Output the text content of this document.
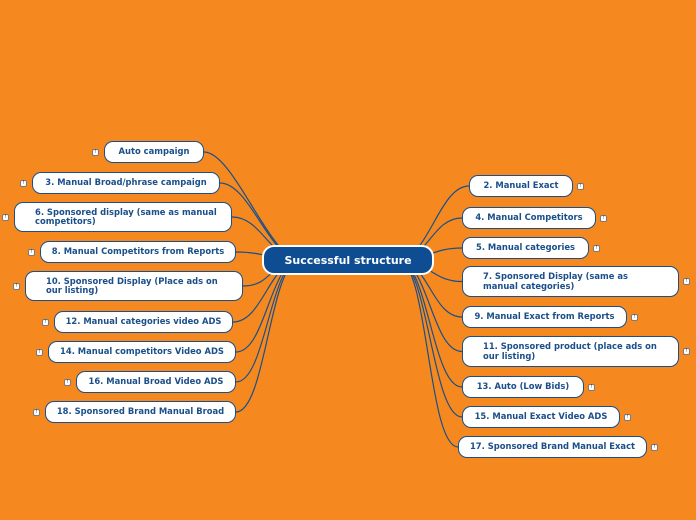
Auto campaign
!
3. Manual Broad/phrase campaign
!
6. Sponsored display (same as manual competitors)
!
8. Manual Competitors from Reports
!
10. Sponsored Display (Place ads on our listing)
!
12. Manual categories video ADS
!
14. Manual competitors Video ADS
!
16. Manual Broad Video ADS
!
18. Sponsored Brand Manual Broad
!
2. Manual Exact	!
4. Manual Competitors	!
5. Manual categories	!
7. Sponsored Display (same as manual categories)	!
9. Manual Exact from Reports	!
11. Sponsored product (place ads on our listing)	!
13. Auto (Low Bids)	!
15. Manual Exact Video ADS	!
17. Sponsored Brand Manual Exact	!
Successful structure
